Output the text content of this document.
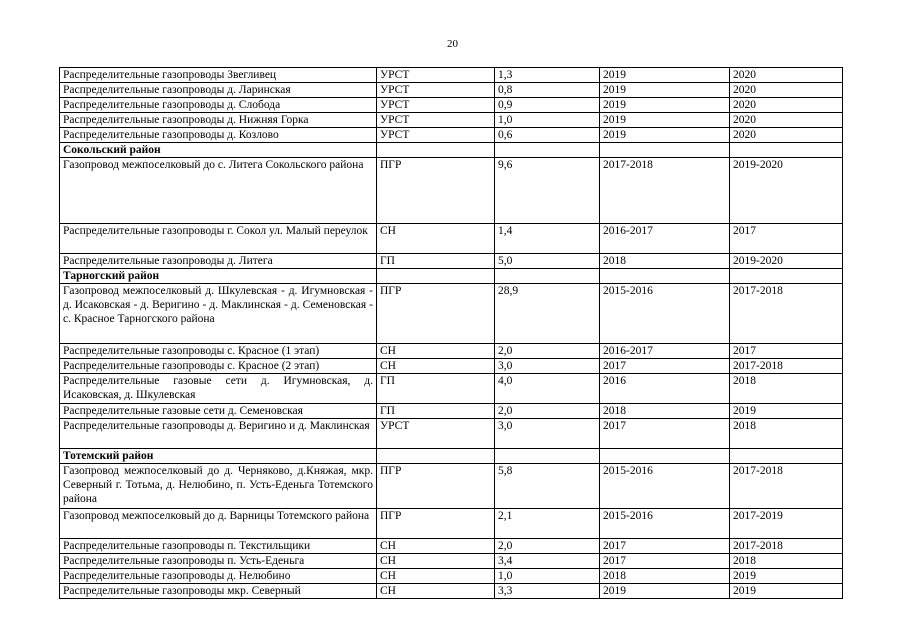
20
Распределительные газопроводы Звегливец	УРСТ	1,3	2019	2020
Распределительные газопроводы д. Ларинская	УРСТ	0,8	2019	2020
Распределительные газопроводы д. Слобода	УРСТ	0,9	2019	2020
Распределительные газопроводы д. Нижняя Горка	УРСТ	1,0	2019	2020
Распределительные газопроводы д. Козлово	УРСТ	0,6	2019	2020
Сокольский район				
Газопровод межпоселковый до с. Литега Сокольского района	ПГР	9,6	2017-2018	2019-2020
Распределительные газопроводы г. Сокол ул. Малый переулок	СН	1,4	2016-2017	2017
Распределительные газопроводы д. Литега	ГП	5,0	2018	2019-2020
Тарногский район				
Газопровод межпоселковый д. Шкулевская - д. Игумновская - д. Исаковская - д. Веригино - д. Маклинская - д. Семеновская - с. Красное Тарногского района	ПГР	28,9	2015-2016	2017-2018
Распределительные газопроводы с. Красное (1 этап)	СН	2,0	2016-2017	2017
Распределительные газопроводы с. Красное (2 этап)	СН	3,0	2017	2017-2018
Распределительные газовые сети д. Игумновская, д. Исаковская, д. Шкулевская	ГП	4,0	2016	2018
Распределительные газовые сети д. Семеновская	ГП	2,0	2018	2019
Распределительные газопроводы д. Веригино и д. Маклинская	УРСТ	3,0	2017	2018
Тотемский район				
Газопровод межпоселковый до д. Черняково, д.Княжая, мкр. Северный г. Тотьма, д. Нелюбино, п. Усть-Еденьга Тотемского района	ПГР	5,8	2015-2016	2017-2018
Газопровод межпоселковый до д. Варницы Тотемского района	ПГР	2,1	2015-2016	2017-2019
Распределительные газопроводы п. Текстильщики	СН	2,0	2017	2017-2018
Распределительные газопроводы п. Усть-Еденьга	СН	3,4	2017	2018
Распределительные газопроводы д. Нелюбино	СН	1,0	2018	2019
Распределительные газопроводы мкр. Северный	СН	3,3	2019	2019
